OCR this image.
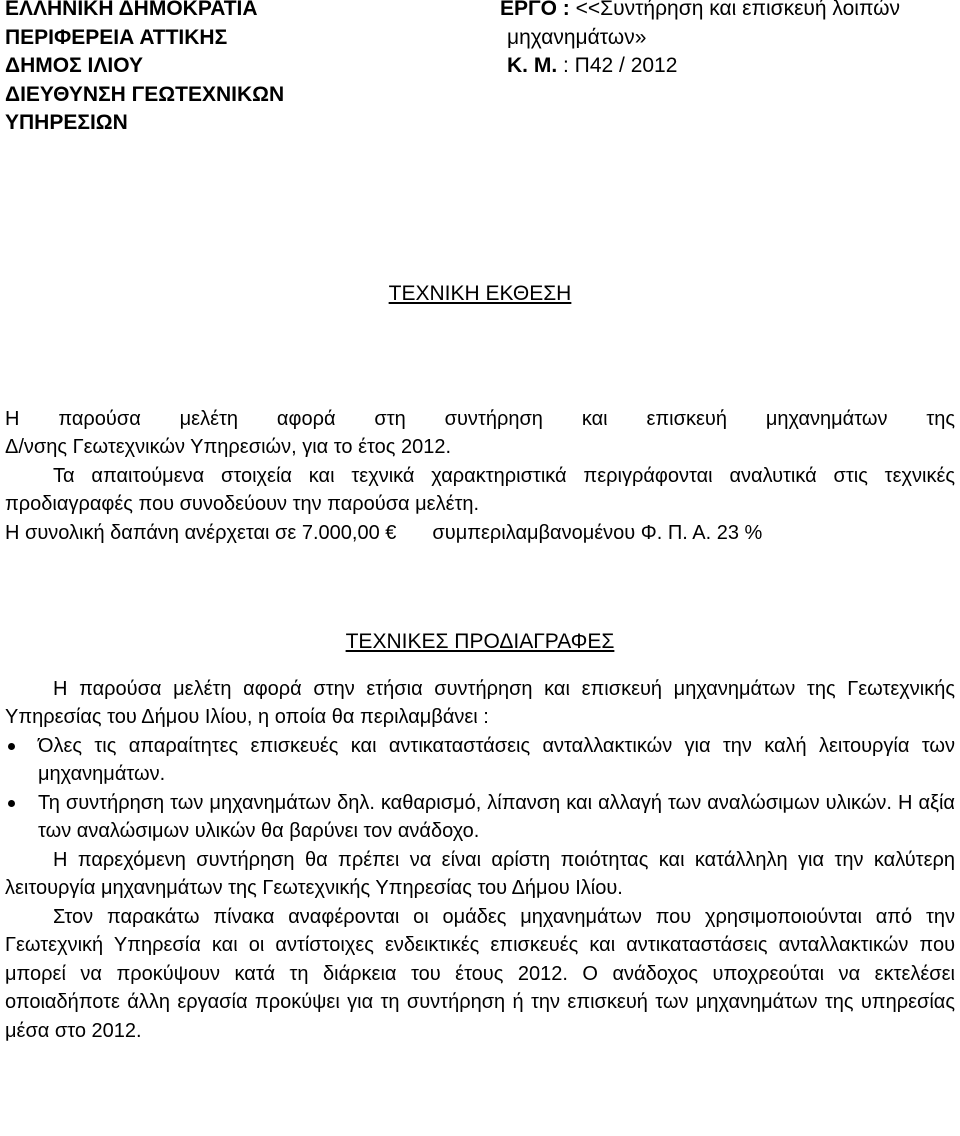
ΕΛΛΗΝΙΚΗ ΔΗΜΟΚΡΑΤΙΑ
ΠΕΡΙΦΕΡΕΙΑ ΑΤΤΙΚΗΣ
ΔΗΜΟΣ ΙΛΙΟΥ
ΔΙΕΥΘΥΝΣΗ ΓΕΩΤΕΧΝΙΚΩΝ
ΥΠΗΡΕΣΙΩΝ
ΕΡΓΟ : <<Συντήρηση και επισκευή λοιπών
μηχανημάτων»
Κ. Μ. : Π42 / 2012
ΤΕΧΝΙΚΗ ΕΚΘΕΣΗ
Η παρούσα μελέτη αφορά στη συντήρηση και επισκευή μηχανημάτων της
Δ/νσης Γεωτεχνικών Υπηρεσιών, για το έτος 2012.

Τα απαιτούμενα στοιχεία και τεχνικά χαρακτηριστικά περιγράφονται αναλυτικά στις τεχνικές προδιαγραφές που συνοδεύουν την παρούσα μελέτη.

Η συνολική δαπάνη ανέρχεται σε 7.000,00 € συμπεριλαμβανομένου Φ. Π. Α. 23 %
ΤΕΧΝΙΚΕΣ ΠΡΟΔΙΑΓΡΑΦΕΣ

Η παρούσα μελέτη αφορά στην ετήσια συντήρηση και επισκευή μηχανημάτων της Γεωτεχνικής Υπηρεσίας του Δήμου Ιλίου, η οποία θα περιλαμβάνει :

Όλες τις απαραίτητες επισκευές και αντικαταστάσεις ανταλλακτικών για την καλή λειτουργία των μηχανημάτων.
Τη συντήρηση των μηχανημάτων δηλ. καθαρισμό, λίπανση και αλλαγή των αναλώσιμων υλικών. Η αξία των αναλώσιμων υλικών θα βαρύνει τον ανάδοχο.

Η παρεχόμενη συντήρηση θα πρέπει να είναι αρίστη ποιότητας και κατάλληλη για την καλύτερη λειτουργία μηχανημάτων της Γεωτεχνικής Υπηρεσίας του Δήμου Ιλίου.

Στον παρακάτω πίνακα αναφέρονται οι ομάδες μηχανημάτων που χρησιμοποιούνται από την Γεωτεχνική Υπηρεσία και οι αντίστοιχες ενδεικτικές επισκευές και αντικαταστάσεις ανταλλακτικών που μπορεί να προκύψουν κατά τη διάρκεια του έτους 2012. Ο ανάδοχος υποχρεούται να εκτελέσει οποιαδήποτε άλλη εργασία προκύψει για τη συντήρηση ή την επισκευή των μηχανημάτων της υπηρεσίας μέσα στο 2012.
